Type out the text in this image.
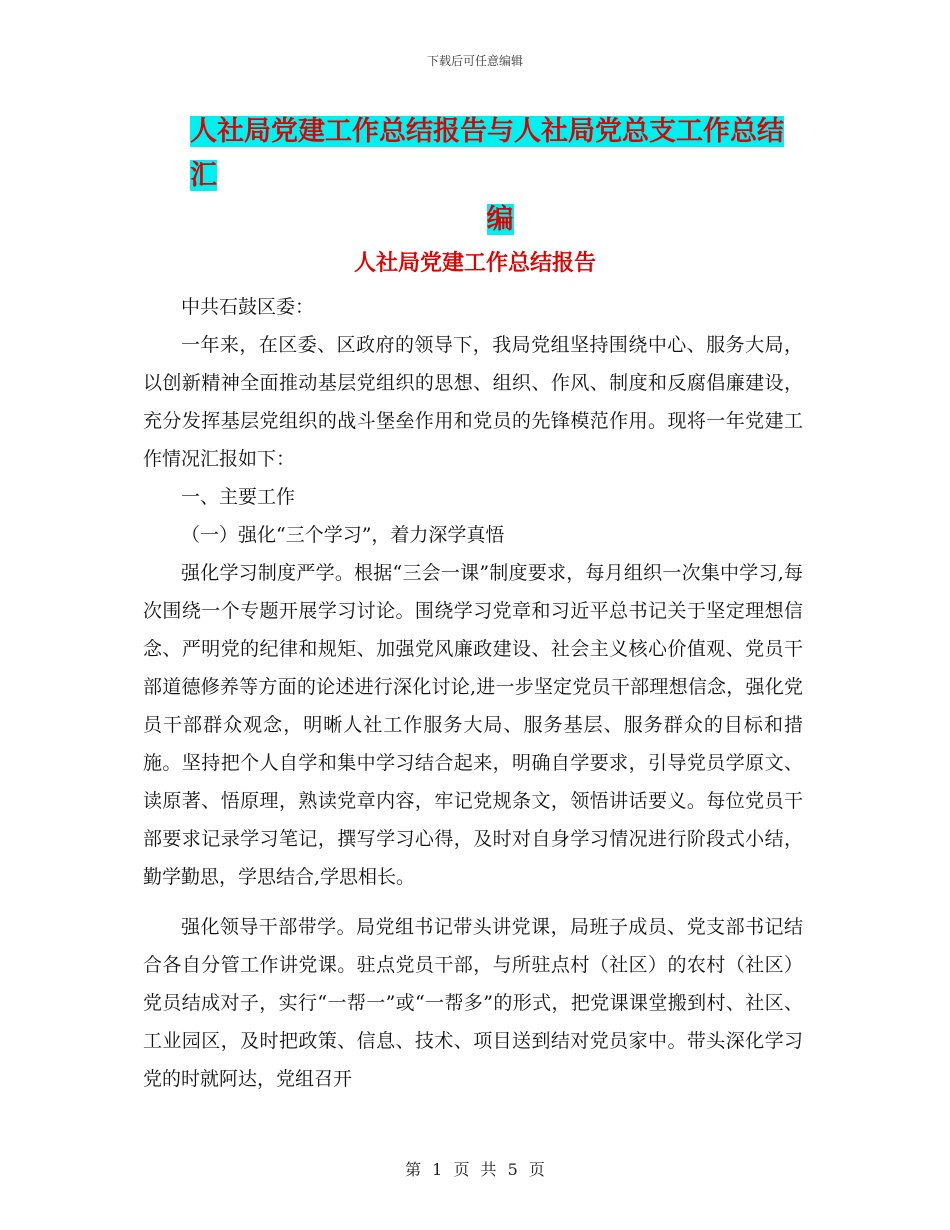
下载后可任意编辑
人社局党建工作总结报告与人社局党总支工作总结汇
编
人社局党建工作总结报告

中共石鼓区委：

一年来，在区委、区政府的领导下，我局党组坚持围绕中心、服务大局，以创新精神全面推动基层党组织的思想、组织、作风、制度和反腐倡廉建设，充分发挥基层党组织的战斗堡垒作用和党员的先锋模范作用。现将一年党建工作情况汇报如下：

一、主要工作

（一）强化“三个学习”，着力深学真悟

强化学习制度严学。根据“三会一课”制度要求，每月组织一次集中学习,每次围绕一个专题开展学习讨论。围绕学习党章和习近平总书记关于坚定理想信念、严明党的纪律和规矩、加强党风廉政建设、社会主义核心价值观、党员干部道德修养等方面的论述进行深化讨论,进一步坚定党员干部理想信念，强化党员干部群众观念，明晰人社工作服务大局、服务基层、服务群众的目标和措施。坚持把个人自学和集中学习结合起来，明确自学要求，引导党员学原文、读原著、悟原理，熟读党章内容，牢记党规条文，领悟讲话要义。每位党员干部要求记录学习笔记，撰写学习心得，及时对自身学习情况进行阶段式小结，勤学勤思，学思结合,学思相长。

强化领导干部带学。局党组书记带头讲党课，局班子成员、党支部书记结合各自分管工作讲党课。驻点党员干部，与所驻点村（社区）的农村（社区）党员结成对子，实行“一帮一”或“一帮多”的形式，把党课课堂搬到村、社区、工业园区，及时把政策、信息、技术、项目送到结对党员家中。带头深化学习党的时就阿达，党组召开

第 1 页 共 5 页
